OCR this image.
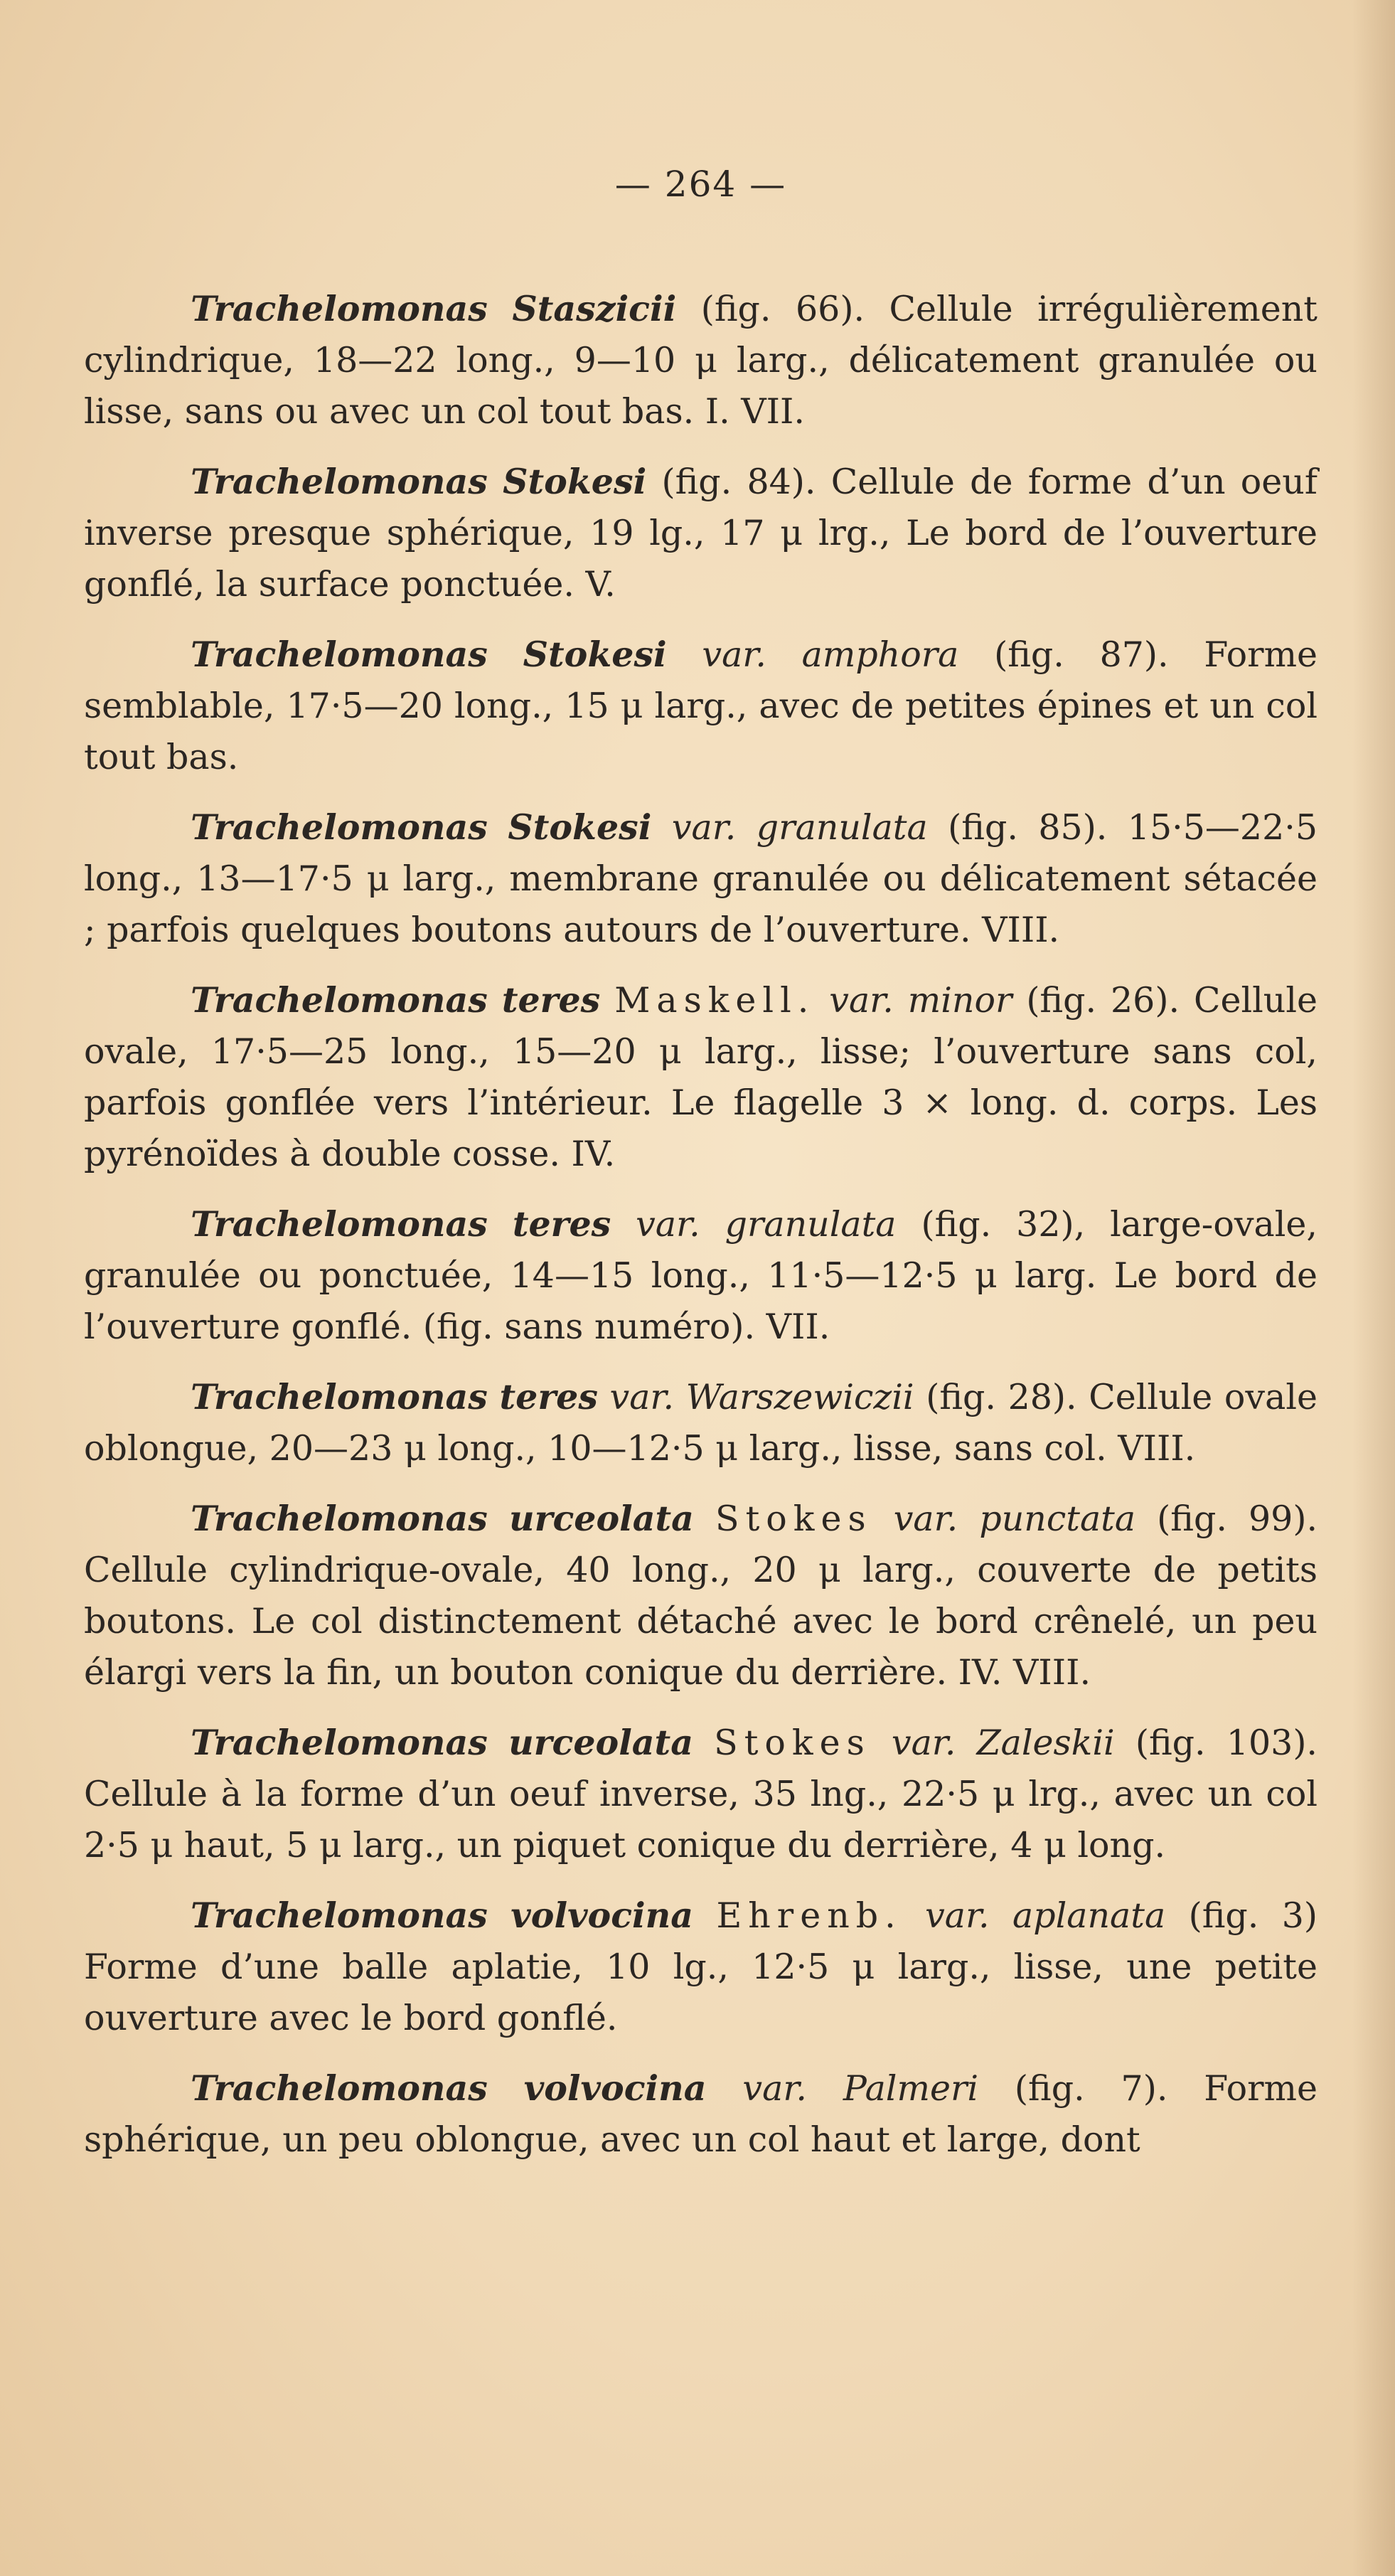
— 264 —

Trachelomonas Staszicii (fig. 66). Cellule irrégulièrement cylindrique, 18—22 long., 9—10 μ larg., délicatement granulée ou lisse, sans ou avec un col tout bas. I. VII.

Trachelomonas Stokesi (fig. 84). Cellule de forme d’un oeuf inverse presque sphérique, 19 lg., 17 μ lrg., Le bord de l’ouverture gonflé, la surface ponctuée. V.

Trachelomonas Stokesi var. amphora (fig. 87). Forme semblable, 17·5—20 long., 15 μ larg., avec de petites épines et un col tout bas.

Trachelomonas Stokesi var. granulata (fig. 85). 15·5—22·5 long., 13—17·5 μ larg., membrane granulée ou délicatement sétacée ; parfois quelques boutons autours de l’ouverture. VIII.

Trachelomonas teres Maskell. var. minor (fig. 26). Cellule ovale, 17·5—25 long., 15—20 μ larg., lisse; l’ouverture sans col, parfois gonflée vers l’intérieur. Le flagelle 3 × long. d. corps. Les pyrénoïdes à double cosse. IV.

Trachelomonas teres var. granulata (fig. 32), large-ovale, granulée ou ponctuée, 14—15 long., 11·5—12·5 μ larg. Le bord de l’ouverture gonflé. (fig. sans numéro). VII.

Trachelomonas teres var. Warszewiczii (fig. 28). Cellule ovale oblongue, 20—23 μ long., 10—12·5 μ larg., lisse, sans col. VIII.

Trachelomonas urceolata Stokes var. punctata (fig. 99). Cellule cylindrique-ovale, 40 long., 20 μ larg., couverte de petits boutons. Le col distinctement détaché avec le bord crênelé, un peu élargi vers la fin, un bouton conique du derrière. IV. VIII.

Trachelomonas urceolata Stokes var. Zaleskii (fig. 103). Cellule à la forme d’un oeuf inverse, 35 lng., 22·5 μ lrg., avec un col 2·5 μ haut, 5 μ larg., un piquet conique du derrière, 4 μ long.

Trachelomonas volvocina Ehrenb. var. aplanata (fig. 3) Forme d’une balle aplatie, 10 lg., 12·5 μ larg., lisse, une petite ouverture avec le bord gonflé.

Trachelomonas volvocina var. Palmeri (fig. 7). Forme sphérique, un peu oblongue, avec un col haut et large, dont
